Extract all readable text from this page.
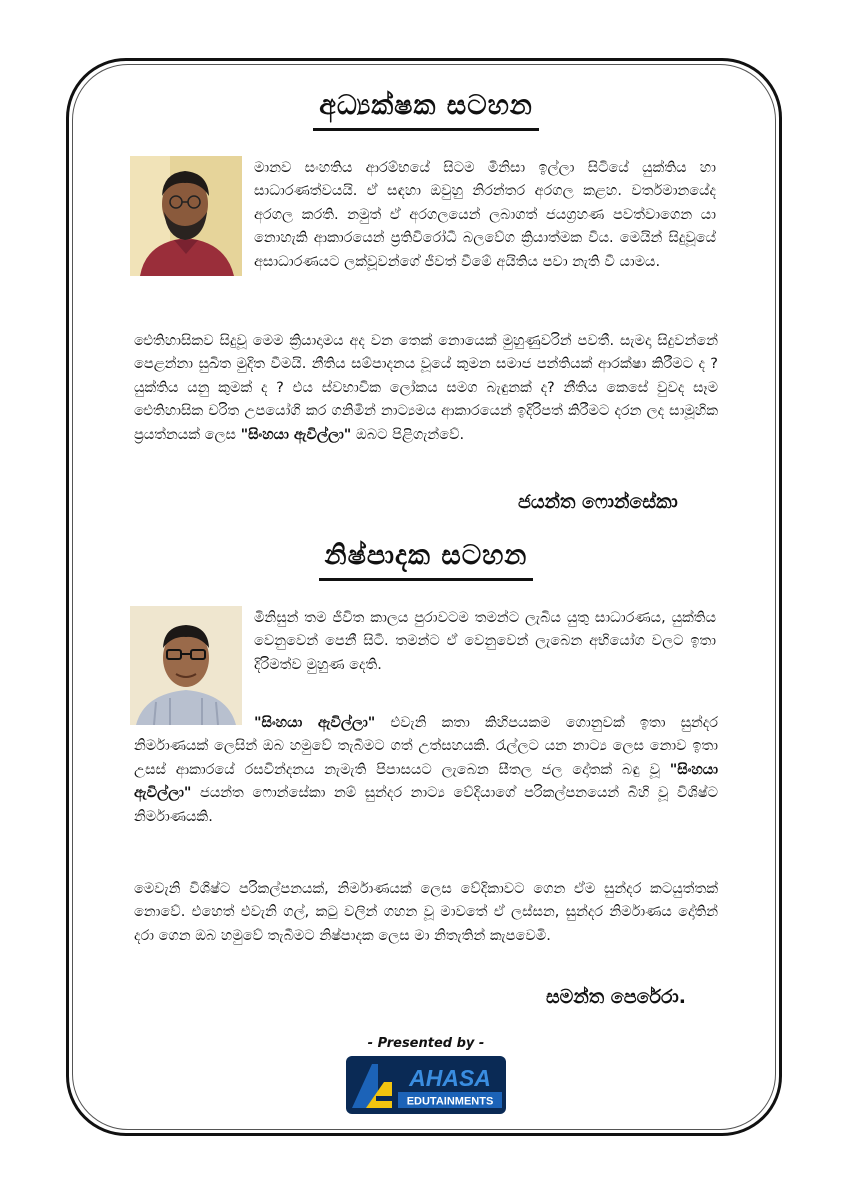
අධ්‍යක්ෂක සටහන
මානව සංහතිය ආරම්භයේ සිටම මිනිසා ඉල්ලා සිටියේ යුක්තිය හා සාධාරණත්වයයි. ඒ සඳහා ඔවුහු නිරන්තර අරගල කළහ. වර්තමානයේද අරගල කරති. නමුත් ඒ අරගලයෙන් ලබාගත් ජයග්‍රහණ පවත්වාගෙන යා නොහැකි ආකාරයෙන් ප්‍රතිවිරෝධී බලවේග ක්‍රියාත්මක විය. මෙයින් සිදුවූයේ අසාධාරණයට ලක්වූවන්ගේ ජීවත් වීමේ අයිතිය පවා නැති වී යාමය.
ඓතිහාසිකව සිදුවූ මෙම ක්‍රියාදාමය අද වන තෙක් නොයෙක් මුහුණුවරින් පවතී. සැමදා සිදුවන්නේ පෙළන්නා සුඛිත මුදිත වීමයි. නීතිය සම්පාදනය වූයේ කුමන සමාජ පන්තියක් ආරක්ෂා කිරීමට ද ? යුක්තිය යනු කුමක් ද ? එය ස්වභාවික ලෝකය සමග බැඳුනක් ද? නීතිය කෙසේ වුවද සෑම ඓතිහාසික චරිත උපයෝගි කර ගනිමින් නාට්‍යමය ආකාරයෙන් ඉදිරිපත් කිරීමට දරන ලද සාමූහික ප්‍රයත්නයක් ලෙස "සිංහයා ඇවිල්ලා" ඔබට පිළිගැන්වේ.
ජයන්ත ෆොන්සේකා
නිෂ්පාදක සටහන
මිනිසුන් තම ජීවිත කාලය පුරාවටම තමන්ට ලැබිය යුතු සාධාරණය, යුක්තිය වෙනුවෙන් පෙනී සිටී. තමන්ට ඒ වෙනුවෙන් ලැබෙන අභියෝග වලට ඉතා දිරිමත්ව මුහුණ දෙති.
"සිංහයා ඇවිල්ලා" එවැනි කතා කිහිපයකම ගොනුවක් ඉතා සුන්දර නිර්මාණයක් ලෙසින් ඔබ හමුවේ තැබීමට ගත් උත්සහයකි. රැල්ලට යන නාට්‍ය ලෙස නොව ඉතා උසස් ආකාරයේ රසවින්දනය නැමැති පිපාසයට ලැබෙන සීතල ජල දෝතක් බඳු වූ "සිංහයා ඇවිල්ලා" ජයන්ත ෆොන්සේකා නම් සුන්දර නාට්‍ය වේදියාගේ පරිකල්පනයෙන් බිහි වූ විශිෂ්ට නිර්මාණයකි.
මෙවැනි විශිෂ්ට පරිකල්පනයක්, නිර්මාණයක් ලෙස වේදිකාවට ගෙන ඒම සුන්දර කටයුත්තක් නොවේ. එහෙත් එවැනි ගල්, කටු වලින් ගහන වූ මාවතේ ඒ ලස්සන, සුන්දර නිර්මාණය දෝතින් දරා ගෙන ඔබ හමුවේ තැබීමට නිෂ්පාදක ලෙස මා නිතැතින් කැපවෙමි.
සමන්ත පෙරේරා.
- Presented by -
AHASA
EDUTAINMENTS
